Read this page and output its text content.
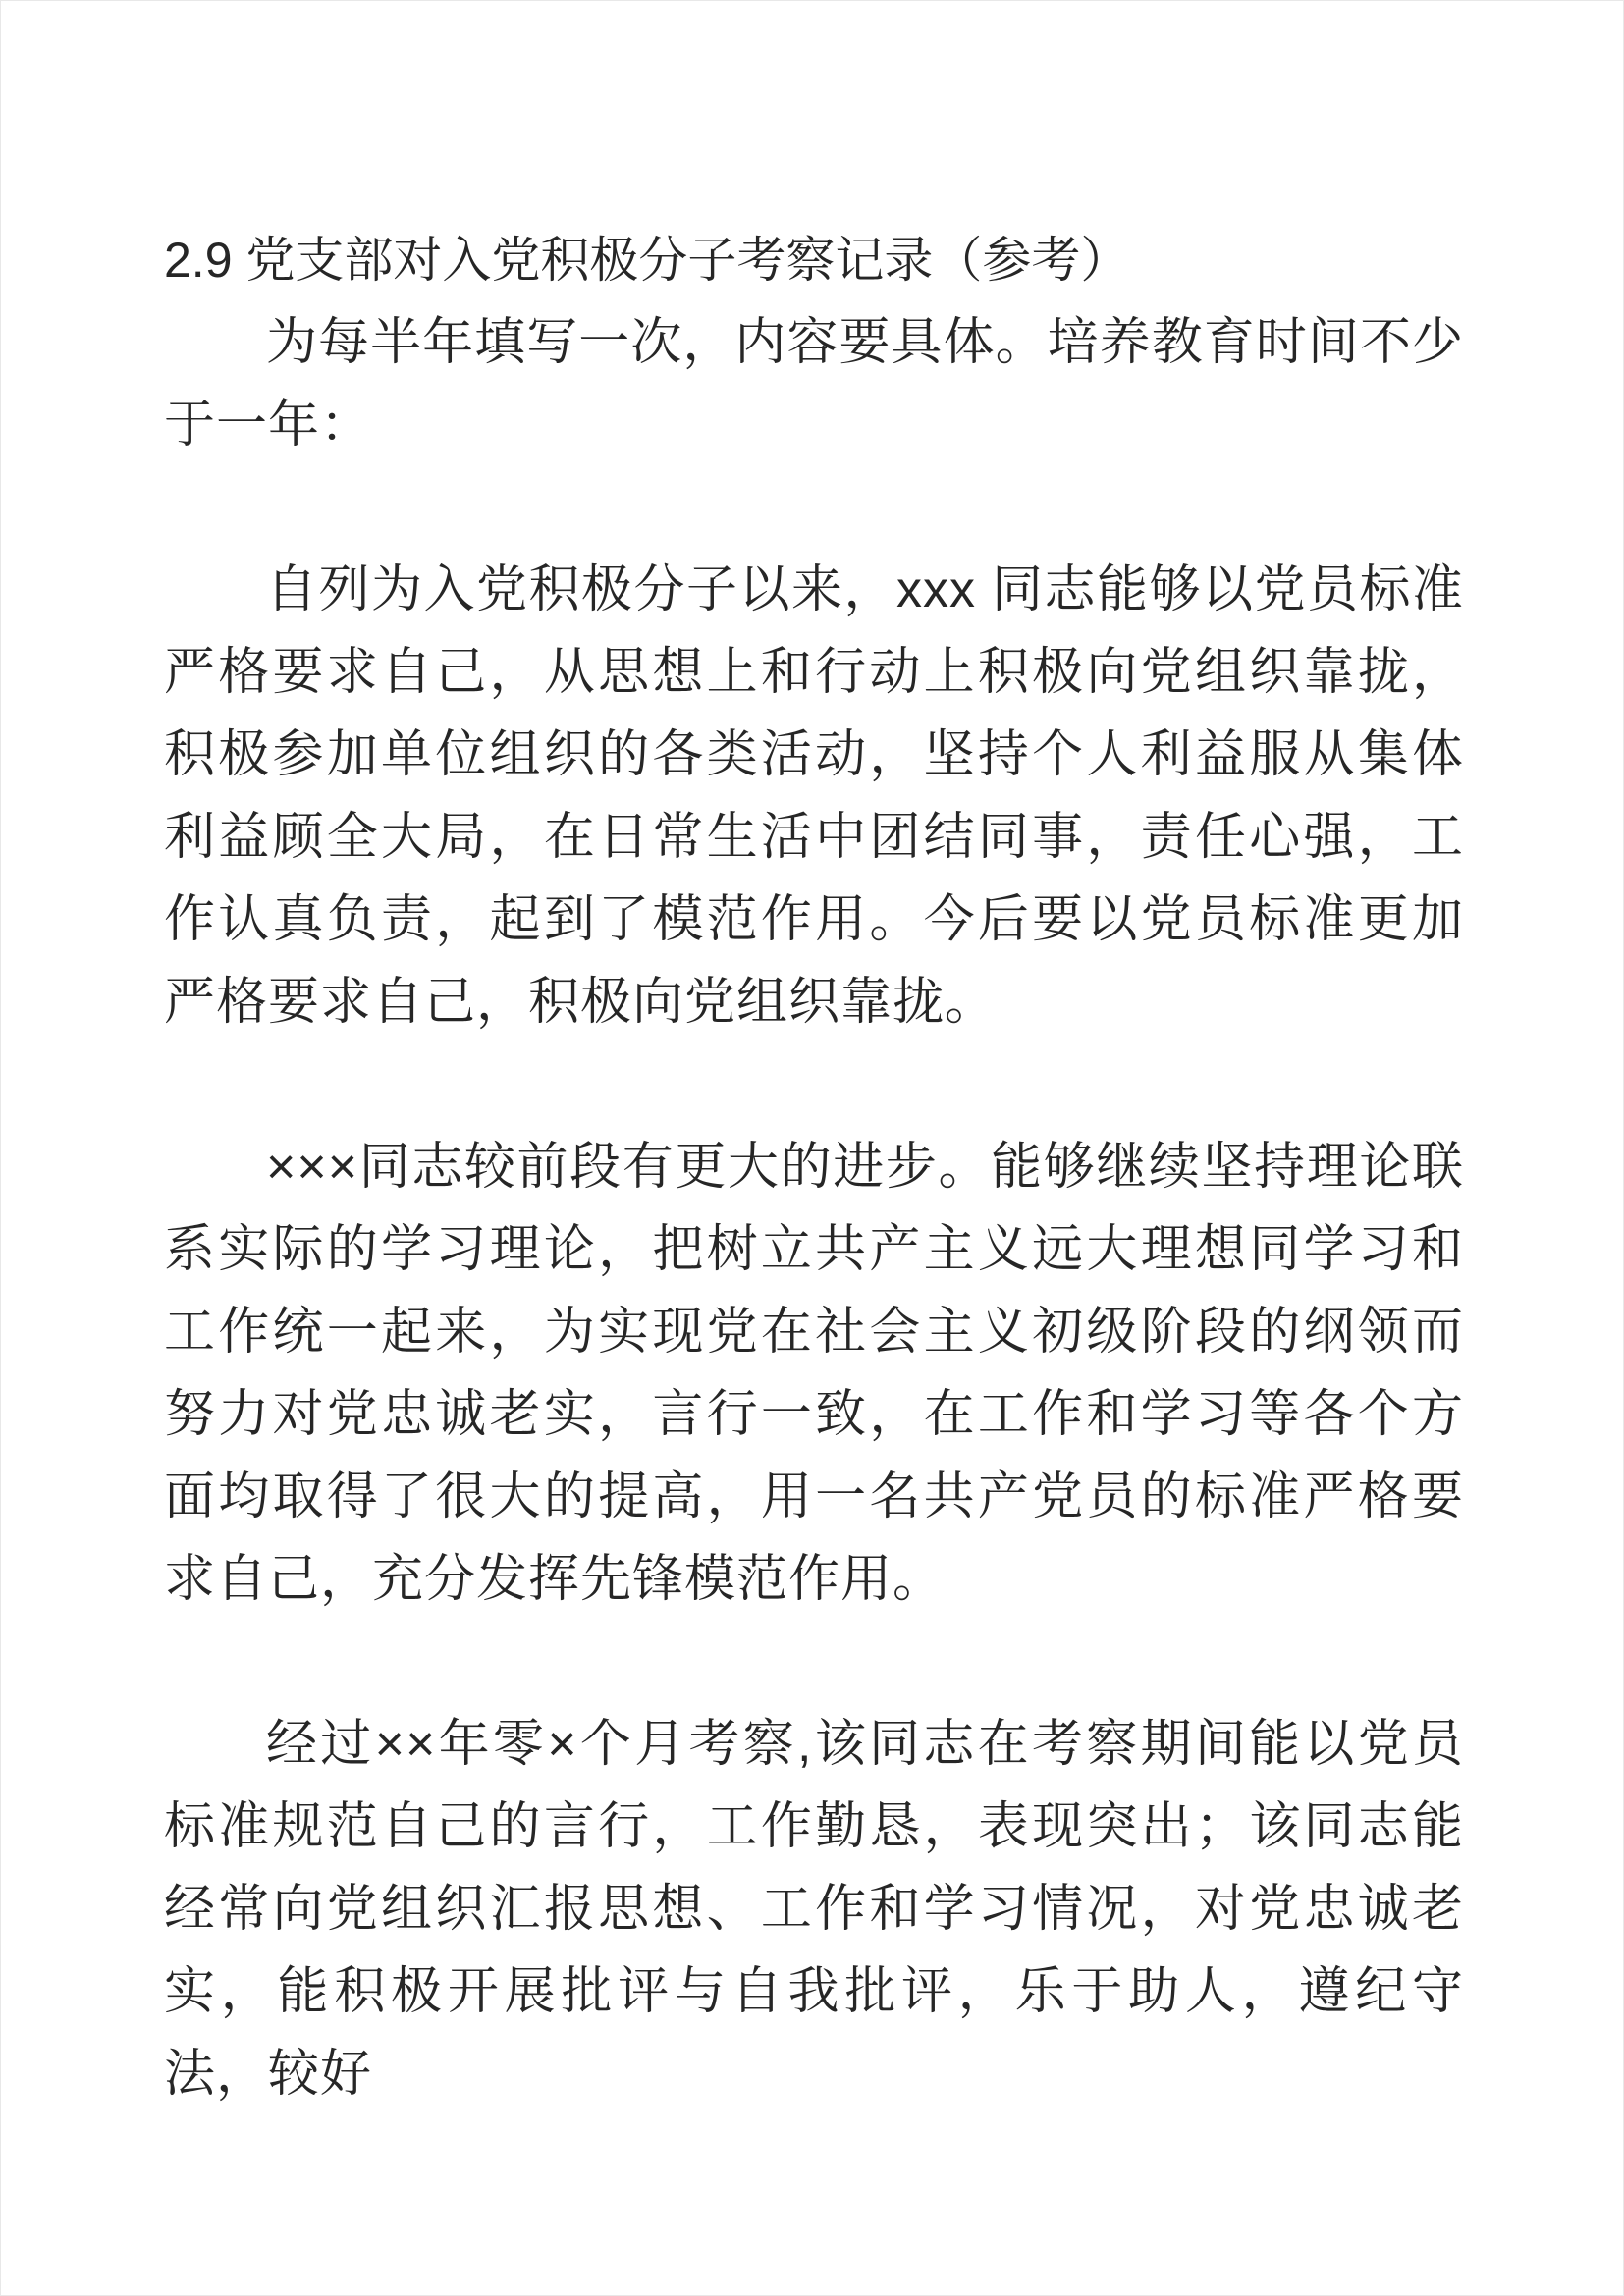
2.9 党支部对入党积极分子考察记录（参考）

为每半年填写一次，内容要具体。培养教育时间不少于一年：

自列为入党积极分子以来，xxx 同志能够以党员标准严格要求自己，从思想上和行动上积极向党组织靠拢，积极参加单位组织的各类活动，坚持个人利益服从集体利益顾全大局，在日常生活中团结同事，责任心强，工作认真负责，起到了模范作用。今后要以党员标准更加严格要求自己，积极向党组织靠拢。

×××同志较前段有更大的进步。能够继续坚持理论联系实际的学习理论，把树立共产主义远大理想同学习和工作统一起来，为实现党在社会主义初级阶段的纲领而努力对党忠诚老实，言行一致，在工作和学习等各个方面均取得了很大的提高，用一名共产党员的标准严格要求自己，充分发挥先锋模范作用。

经过××年零×个月考察,该同志在考察期间能以党员标准规范自己的言行，工作勤恳，表现突出；该同志能经常向党组织汇报思想、工作和学习情况，对党忠诚老实，能积极开展批评与自我批评，乐于助人，遵纪守法，较好
